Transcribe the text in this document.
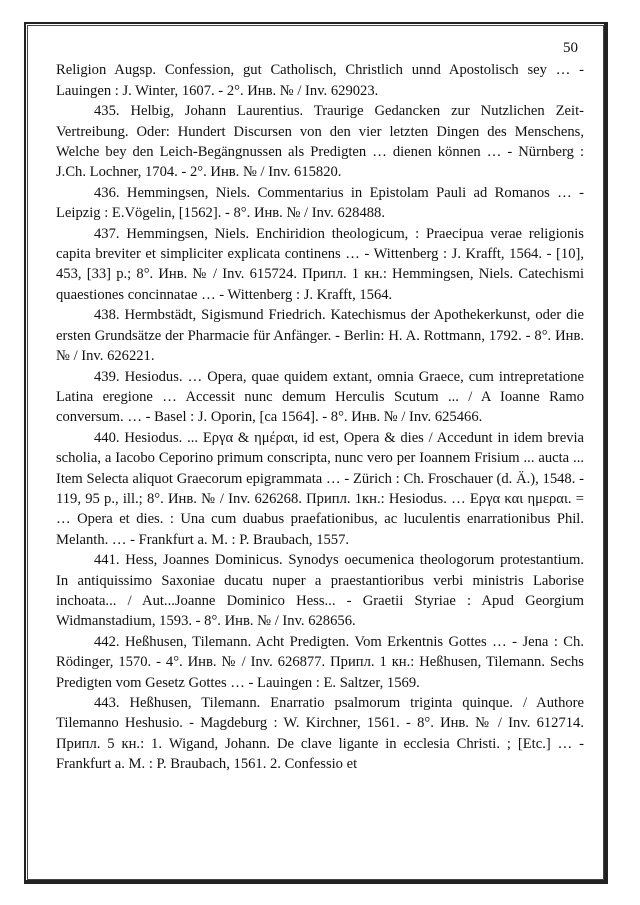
50

Religion Augsp. Confession, gut Catholisch, Christlich unnd Apostolisch sey … - Lauingen : J. Winter, 1607. - 2°. Инв. № / Inv. 629023.

435. Helbig, Johann Laurentius. Traurige Gedancken zur Nutzlichen Zeit-Vertreibung. Oder: Hundert Discursen von den vier letzten Dingen des Menschens, Welche bey den Leich-Begängnussen als Predigten … dienen können … - Nürnberg : J.Ch. Lochner, 1704. - 2°. Инв. № / Inv. 615820.

436. Hemmingsen, Niels. Commentarius in Epistolam Pauli ad Romanos … - Leipzig : E.Vögelin, [1562]. - 8°. Инв. № / Inv. 628488.

437. Hemmingsen, Niels. Enchiridion theologicum, : Praecipua verae religionis capita breviter et simpliciter explicata continens … - Wittenberg : J. Krafft, 1564. - [10], 453, [33] p.; 8°. Инв. № / Inv. 615724. Припл. 1 кн.: Hemmingsen, Niels. Catechismi quaestiones concinnatae … - Wittenberg : J. Krafft, 1564.

438. Hermbstädt, Sigismund Friedrich. Katechismus der Apothekerkunst, oder die ersten Grundsätze der Pharmacie für Anfänger. - Berlin: H. A. Rottmann, 1792. - 8°. Инв. № / Inv. 626221.

439. Hesiodus. … Opera, quae quidem extant, omnia Graece, cum intrepretatione Latina eregione … Accessit nunc demum Herculis Scutum ... / A Ioanne Ramo conversum. … - Basel : J. Oporin, [ca 1564]. - 8°. Инв. № / Inv. 625466.

440. Hesiodus. ... Εργα & ημέραι, id est, Opera & dies / Accedunt in idem brevia scholia, a Iacobo Ceporino primum conscripta, nunc vero per Ioannem Frisium ... aucta ... Item Selecta aliquot Graecorum epigrammata … - Zürich : Ch. Froschauer (d. Ä.), 1548. - 119, 95 p., ill.; 8°. Инв. № / Inv. 626268. Припл. 1кн.: Hesiodus. … Εργα και ημεραι. = … Opera et dies. : Una cum duabus praefationibus, ac luculentis enarrationibus Phil. Melanth. … - Frankfurt a. M. : P. Braubach, 1557.

441. Hess, Joannes Dominicus. Synodys oecumenica theologorum protestantium. In antiquissimo Saxoniae ducatu nuper a praestantioribus verbi ministris Laborise inchoata... / Aut...Joanne Dominico Hess... - Graetii Styriae : Apud Georgium Widmanstadium, 1593. - 8°. Инв. № / Inv. 628656.

442. Heßhusen, Tilemann. Acht Predigten. Vom Erkentnis Gottes … - Jena : Ch. Rödinger, 1570. - 4°. Инв. № / Inv. 626877. Припл. 1 кн.: Heßhusen, Tilemann. Sechs Predigten vom Gesetz Gottes … - Lauingen : E. Saltzer, 1569.

443. Heßhusen, Tilemann. Enarratio psalmorum triginta quinque. / Authore Tilemanno Heshusio. - Magdeburg : W. Kirchner, 1561. - 8°. Инв. № / Inv. 612714. Припл. 5 кн.: 1. Wigand, Johann. De clave ligante in ecclesia Christi. ; [Etc.] … - Frankfurt a. M. : P. Braubach, 1561. 2. Confessio et
